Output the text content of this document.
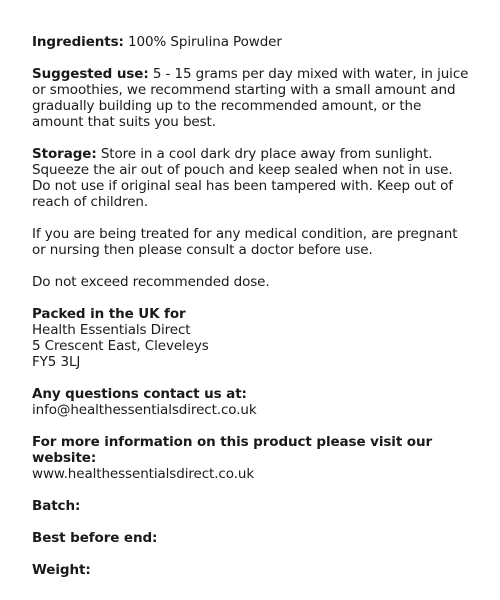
Ingredients: 100% Spirulina Powder

Suggested use: 5 - 15 grams per day mixed with water, in juice or smoothies, we recommend starting with a small amount and gradually building up to the recommended amount, or the amount that suits you best.

Storage: Store in a cool dark dry place away from sunlight. Squeeze the air out of pouch and keep sealed when not in use. Do not use if original seal has been tampered with. Keep out of reach of children.

If you are being treated for any medical condition, are pregnant or nursing then please consult a doctor before use.

Do not exceed recommended dose.

Packed in the UK for
Health Essentials Direct
5 Crescent East, Cleveleys
FY5 3LJ

Any questions contact us at:
info@healthessentialsdirect.co.uk

For more information on this product please visit our website:
www.healthessentialsdirect.co.uk

Batch:
Best before end:
Weight:
